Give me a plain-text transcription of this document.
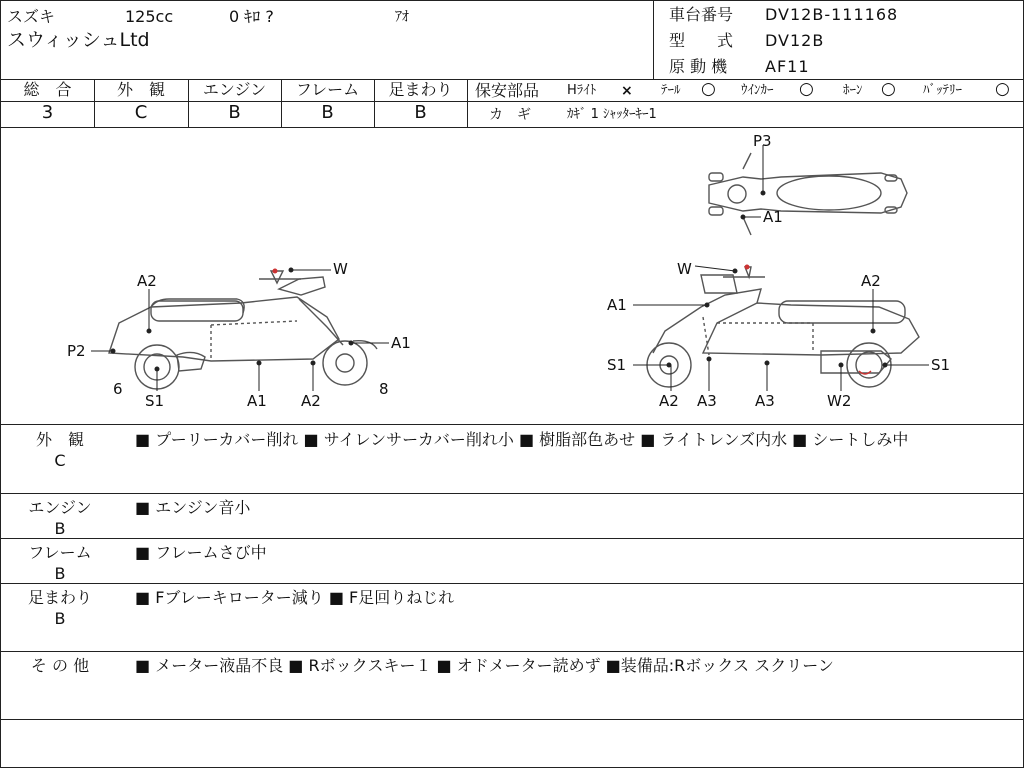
スズキ	125cc	0 ｷﾛ ?	ｱｵ
スウィッシュLtd
車台番号 DV12B-111168
型　　式 DV12B
原 動 機 AF11
総　合
3
外　観
C
エンジン
B
フレーム
B
足まわり
B
保安部品 Hﾗｲﾄ × ﾃｰﾙ ○ ｳｲﾝｶｰ ○ ﾎｰﾝ ○ ﾊﾞｯﾃﾘｰ ○
カ　ギ	ｶｷﾞ 1 ｼｬｯﾀｰｷｰ1
P3
A1
W
A2
P2	A1
6
S1	A1 A2
8
W
A1
A2
S1	S1
A2 A3	A3	W2
外　観
C
■ プーリーカバー削れ ■ サイレンサーカバー削れ小 ■ 樹脂部色あせ ■ ライトレンズ内水 ■ シートしみ中
エンジン
B
■ エンジン音小
フレーム
B
■ フレームさび中
足まわり
B
■ Fブレーキローター減り ■ F足回りねじれ
そ の 他	■ メーター液晶不良 ■ Rボックスキー１ ■ オドメーター読めず ■装備品:Rボックス スクリーン
